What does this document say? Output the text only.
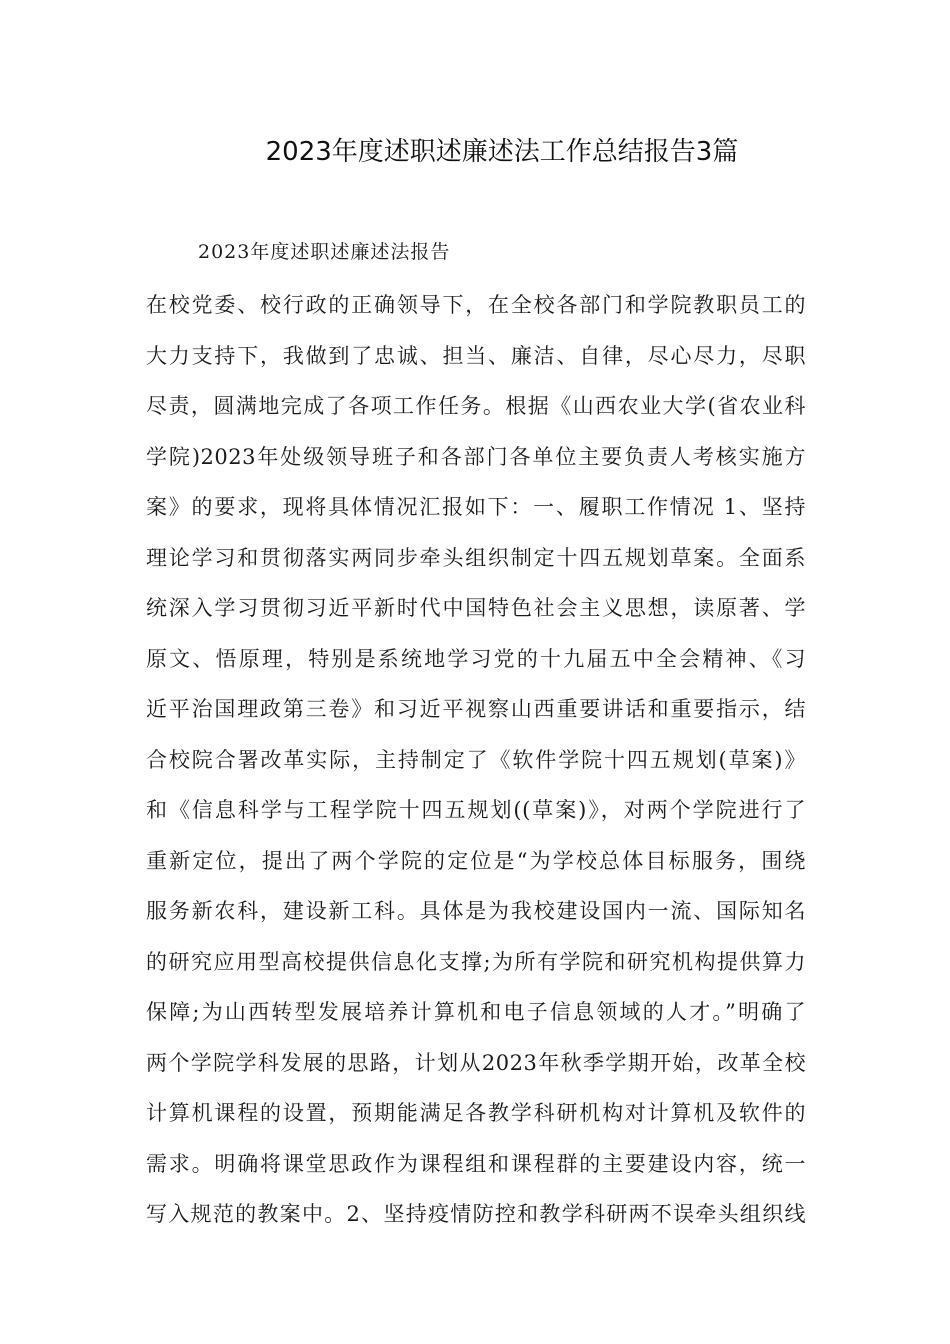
2023年度述职述廉述法工作总结报告3篇
2023年度述职述廉述法报告
在校党委、校行政的正确领导下，在全校各部门和学院教职员工的
大力支持下，我做到了忠诚、担当、廉洁、自律，尽心尽力，尽职
尽责，圆满地完成了各项工作任务。根据《山西农业大学(省农业科
学院)2023年处级领导班子和各部门各单位主要负责人考核实施方
案》的要求，现将具体情况汇报如下：一、履职工作情况 1、坚持
理论学习和贯彻落实两同步牵头组织制定十四五规划草案。全面系
统深入学习贯彻习近平新时代中国特色社会主义思想，读原著、学
原文、悟原理，特别是系统地学习党的十九届五中全会精神、《习
近平治国理政第三卷》和习近平视察山西重要讲话和重要指示，结
合校院合署改革实际，主持制定了《软件学院十四五规划(草案)》
和《信息科学与工程学院十四五规划((草案)》，对两个学院进行了
重新定位，提出了两个学院的定位是“为学校总体目标服务，围绕
服务新农科，建设新工科。具体是为我校建设国内一流、国际知名
的研究应用型高校提供信息化支撑;为所有学院和研究机构提供算力
保障;为山西转型发展培养计算机和电子信息领域的人才。”明确了
两个学院学科发展的思路，计划从2023年秋季学期开始，改革全校
计算机课程的设置，预期能满足各教学科研机构对计算机及软件的
需求。明确将课堂思政作为课程组和课程群的主要建设内容，统一
写入规范的教案中。2、坚持疫情防控和教学科研两不误牵头组织线
